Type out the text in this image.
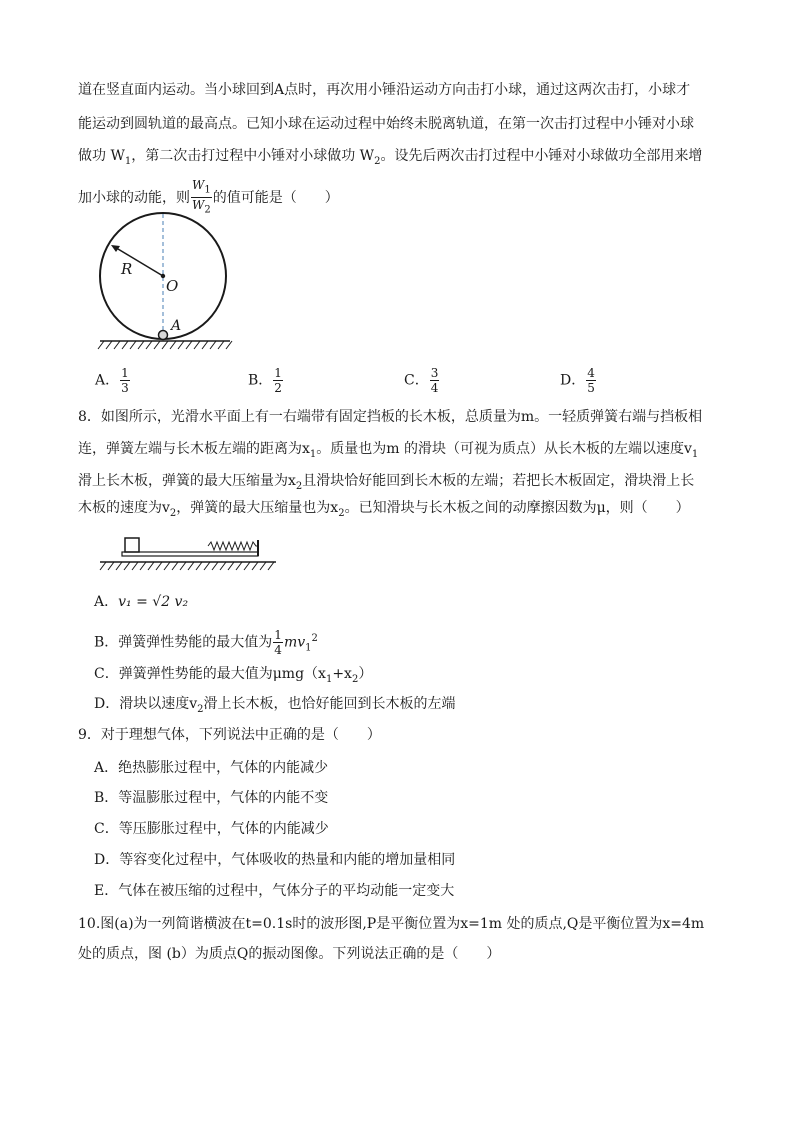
道在竖直面内运动。当小球回到A点时，再次用小锤沿运动方向击打小球，通过这两次击打，小球才
能运动到圆轨道的最高点。已知小球在运动过程中始终未脱离轨道，在第一次击打过程中小锤对小球
做功 $W_1$，第二次击打过程中小锤对小球做功 $W_2$。设先后两次击打过程中小锤对小球做功全部用来增
加小球的动能，则 $\frac{W_1}{W_2}$ 的值可能是（　　）
R
O
A
A． $\frac{1}{3}$	B． $\frac{1}{2}$	C． $\frac{3}{4}$	D． $\frac{4}{5}$
8．如图所示，光滑水平面上有一右端带有固定挡板的长木板，总质量为m。一轻质弹簧右端与挡板相
连，弹簧左端与长木板左端的距离为$x_1$。质量也为m 的滑块（可视为质点）从长木板的左端以速度$v_1$
滑上长木板，弹簧的最大压缩量为$x_2$且滑块恰好能回到长木板的左端；若把长木板固定，滑块滑上长
木板的速度为$v_2$，弹簧的最大压缩量也为$x_2$。已知滑块与长木板之间的动摩擦因数为μ，则（　　）
A．v₁ = √2 v₂
B．弹簧弹性势能的最大值为 $\frac{1}{4} mv_1^2$
C．弹簧弹性势能的最大值为$\mu mg(x_1+x_2)$
D．滑块以速度$v_2$滑上长木板，也恰好能回到长木板的左端
9．对于理想气体，下列说法中正确的是（　　）
A．绝热膨胀过程中，气体的内能减少
B．等温膨胀过程中，气体的内能不变
C．等压膨胀过程中，气体的内能减少
D．等容变化过程中，气体吸收的热量和内能的增加量相同
E．气体在被压缩的过程中，气体分子的平均动能一定变大
10.图(a)为一列简谐横波在t=0.1s时的波形图,P是平衡位置为x=1m 处的质点,Q是平衡位置为x=4m
处的质点，图 (b）为质点Q的振动图像。下列说法正确的是（　　）
